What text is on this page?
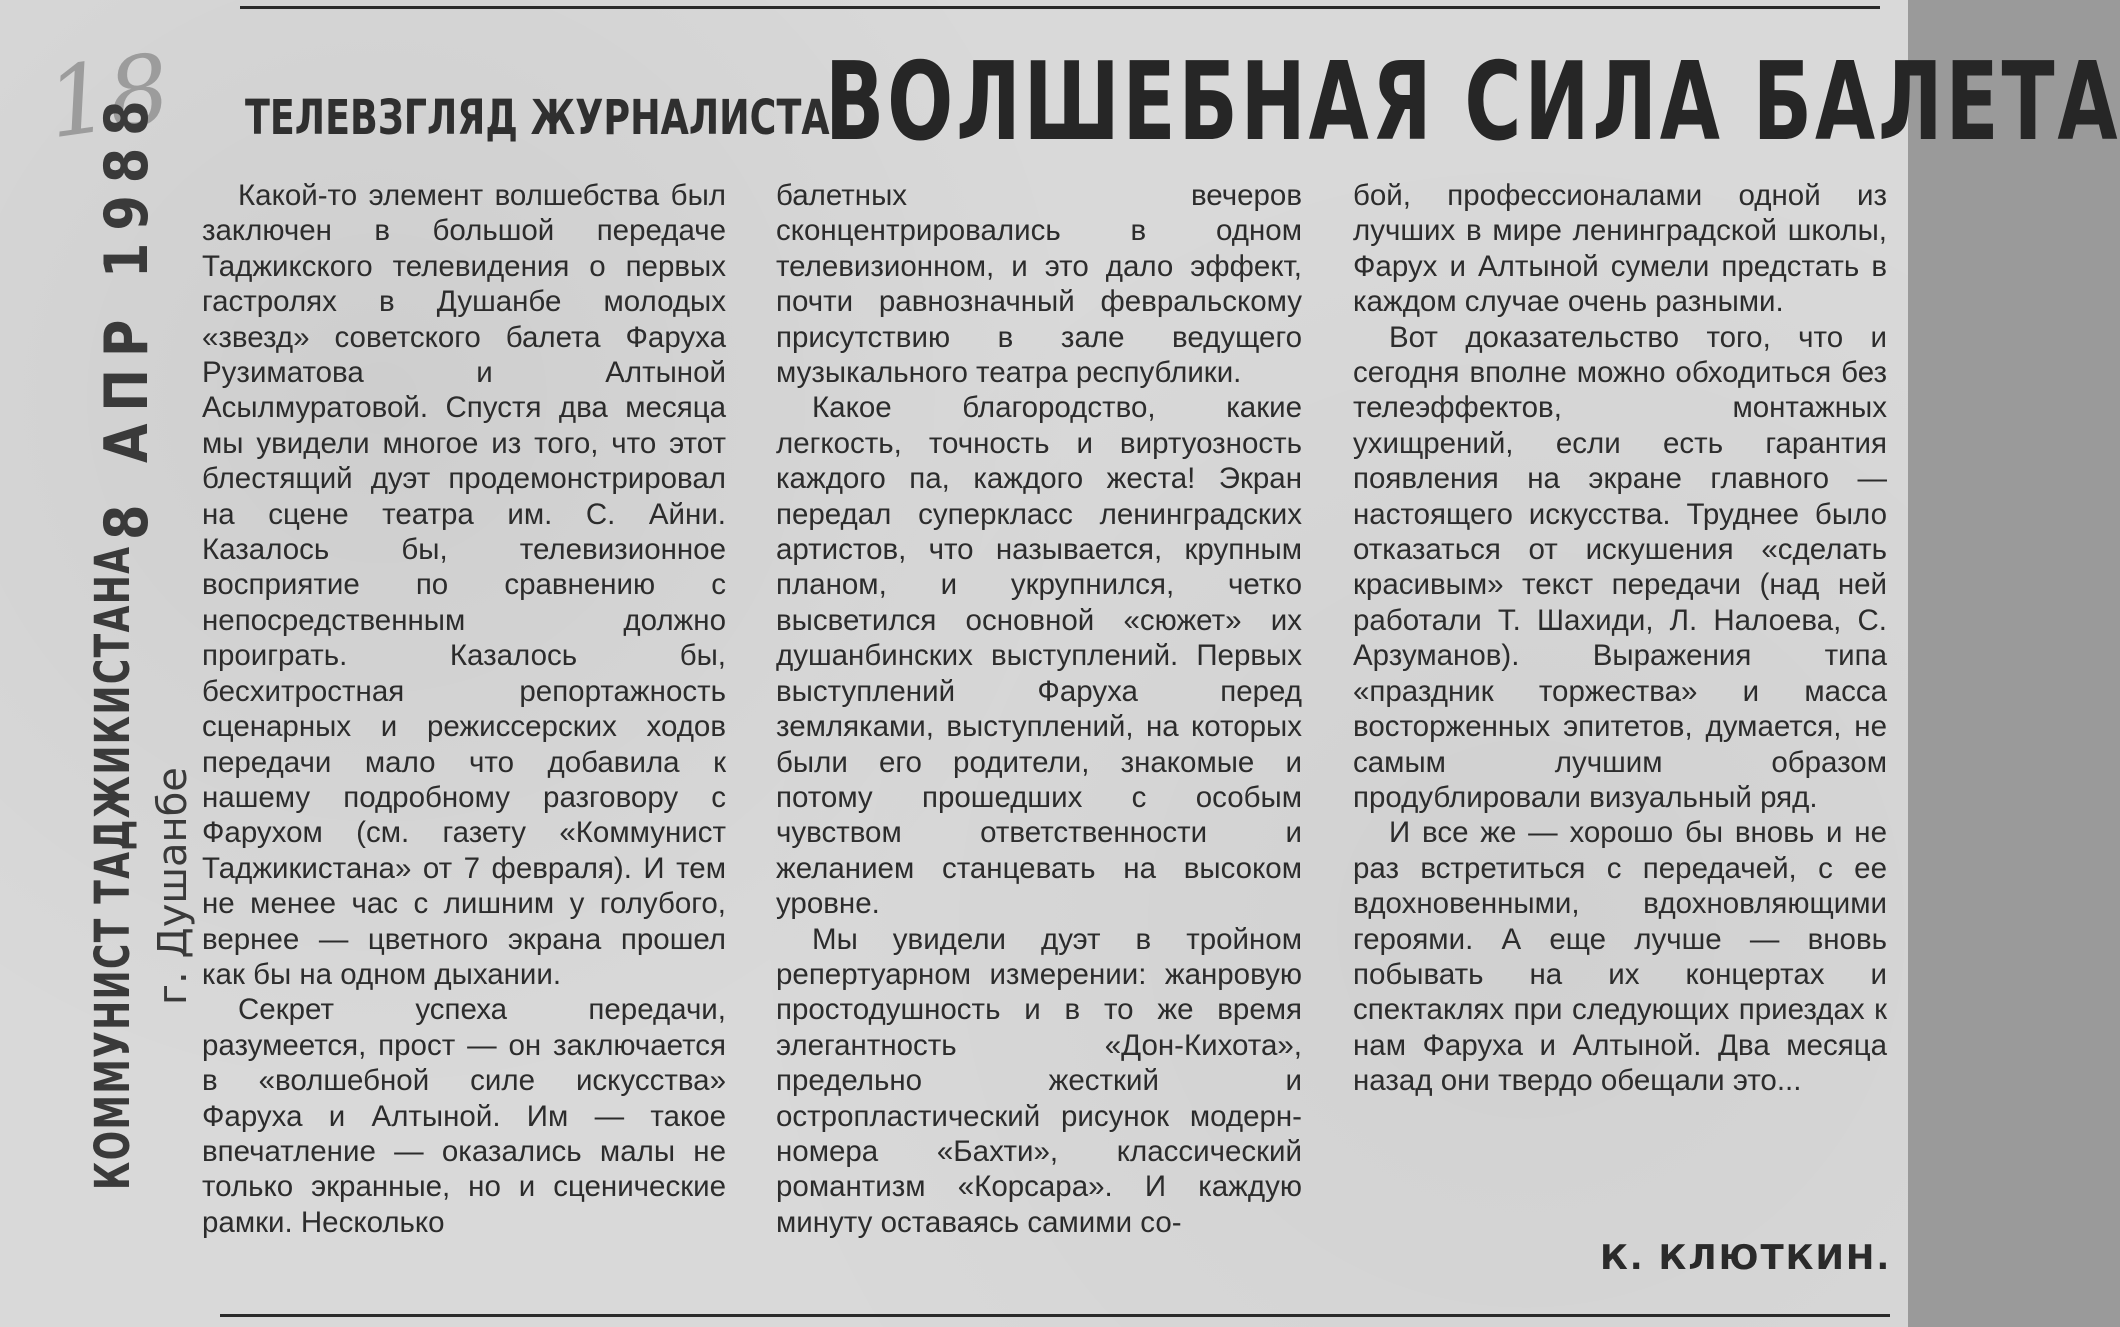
18
КОММУНИСТ ТАДЖИКИСТАНА
8 АПР 1988
г. Душанбе
ТЕЛЕВЗГЛЯД ЖУРНАЛИСТА
ВОЛШЕБНАЯ СИЛА БАЛЕТА

Какой-то элемент волшебства был заключен в большой передаче Таджикского телевидения о первых гастролях в Душанбе молодых «звезд» советского балета Фаруха Рузиматова и Алтыной Асылмуратовой. Спустя два месяца мы увидели многое из того, что этот блестящий дуэт продемонстрировал на сцене театра им. С. Айни. Казалось бы, телевизионное восприятие по сравнению с непосредственным должно проиграть. Казалось бы, бесхитростная репортажность сценарных и режиссерских ходов передачи мало что добавила к нашему подробному разговору с Фарухом (см. газету «Коммунист Таджикистана» от 7 февраля). И тем не менее час с лишним у голубого, вернее — цветного экрана прошел как бы на одном дыхании.

Секрет успеха передачи, разумеется, прост — он заключается в «волшебной силе искусства» Фаруха и Алтыной. Им — такое впечатление — оказались малы не только экранные, но и сценические рамки. Несколько

балетных вечеров сконцентрировались в одном телевизионном, и это дало эффект, почти равнозначный февральскому присутствию в зале ведущего музыкального театра республики.

Какое благородство, какие легкость, точность и виртуозность каждого па, каждого жеста! Экран передал суперкласс ленинградских артистов, что называется, крупным планом, и укрупнился, четко высветился основной «сюжет» их душанбинских выступлений. Первых выступлений Фаруха перед земляками, выступлений, на которых были его родители, знакомые и потому прошедших с особым чувством ответственности и желанием станцевать на высоком уровне.

Мы увидели дуэт в тройном репертуарном измерении: жанровую простодушность и в то же время элегантность «Дон-Кихота», предельно жесткий и остропластический рисунок модерн-номера «Бахти», классический романтизм «Корсара». И каждую минуту оставаясь самими со-

бой, профессионалами одной из лучших в мире ленинградской школы, Фарух и Алтыной сумели предстать в каждом случае очень разными.

Вот доказательство того, что и сегодня вполне можно обходиться без телеэффектов, монтажных ухищрений, если есть гарантия появления на экране главного — настоящего искусства. Труднее было отказаться от искушения «сделать красивым» текст передачи (над ней работали Т. Шахиди, Л. Налоева, С. Арзуманов). Выражения типа «праздник торжества» и масса восторженных эпитетов, думается, не самым лучшим образом продублировали визуальный ряд.

И все же — хорошо бы вновь и не раз встретиться с передачей, с ее вдохновенными, вдохновляющими героями. А еще лучше — вновь побывать на их концертах и спектаклях при следующих приездах к нам Фаруха и Алтыной. Два месяца назад они твердо обещали это...

К. КЛЮТКИН.
